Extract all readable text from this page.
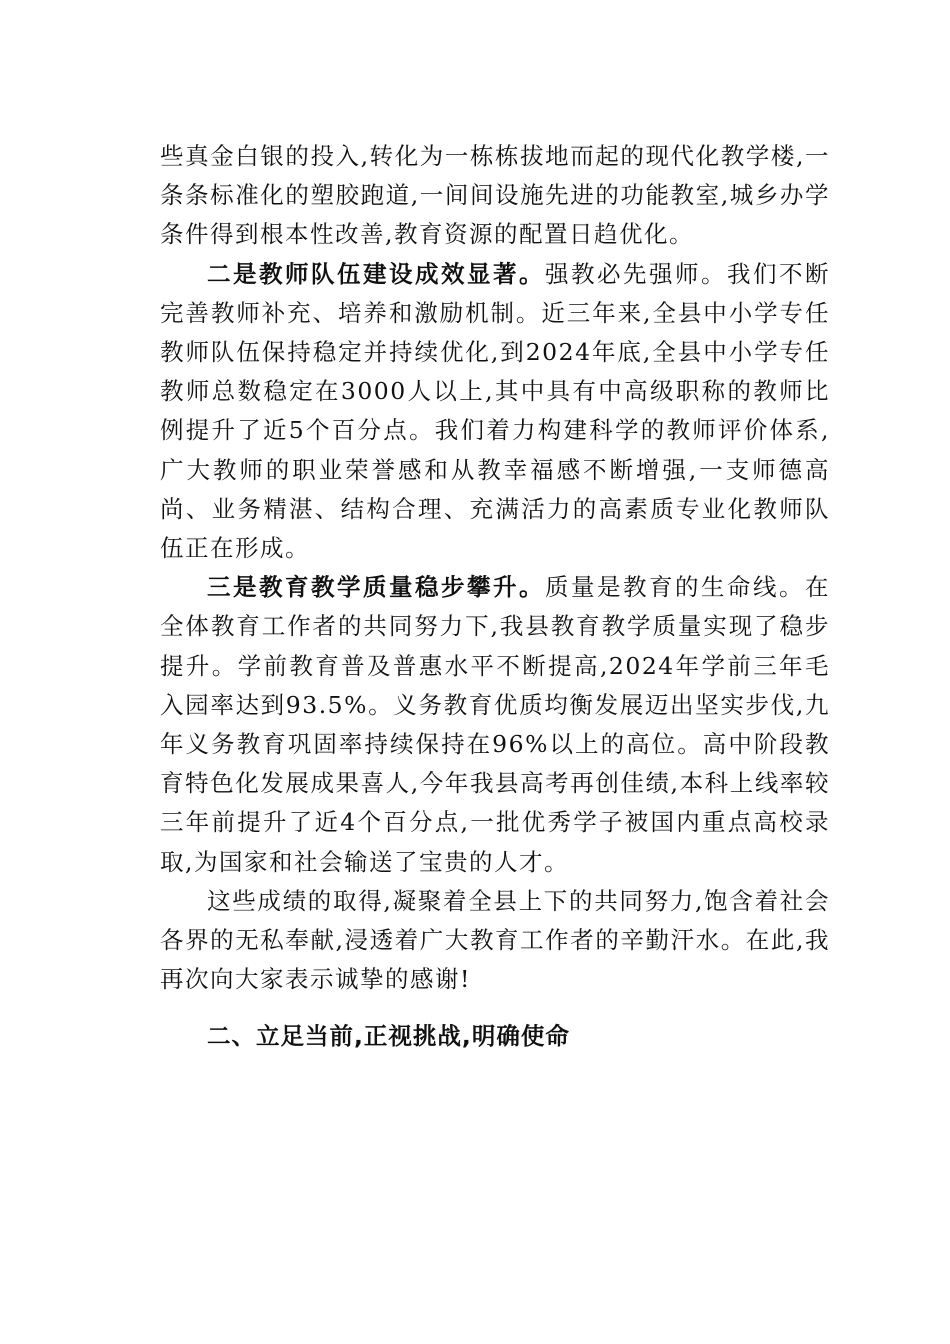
些真金白银的投入,转化为一栋栋拔地而起的现代化教学楼,一条条标准化的塑胶跑道,一间间设施先进的功能教室,城乡办学条件得到根本性改善,教育资源的配置日趋优化。

二是教师队伍建设成效显著。强教必先强师。我们不断完善教师补充、培养和激励机制。近三年来,全县中小学专任教师队伍保持稳定并持续优化,到2024年底,全县中小学专任教师总数稳定在3000人以上,其中具有中高级职称的教师比例提升了近5个百分点。我们着力构建科学的教师评价体系,广大教师的职业荣誉感和从教幸福感不断增强,一支师德高尚、业务精湛、结构合理、充满活力的高素质专业化教师队伍正在形成。

三是教育教学质量稳步攀升。质量是教育的生命线。在全体教育工作者的共同努力下,我县教育教学质量实现了稳步提升。学前教育普及普惠水平不断提高,2024年学前三年毛入园率达到93.5%。义务教育优质均衡发展迈出坚实步伐,九年义务教育巩固率持续保持在96%以上的高位。高中阶段教育特色化发展成果喜人,今年我县高考再创佳绩,本科上线率较三年前提升了近4个百分点,一批优秀学子被国内重点高校录取,为国家和社会输送了宝贵的人才。

这些成绩的取得,凝聚着全县上下的共同努力,饱含着社会各界的无私奉献,浸透着广大教育工作者的辛勤汗水。在此,我再次向大家表示诚挚的感谢!

二、立足当前,正视挑战,明确使命
